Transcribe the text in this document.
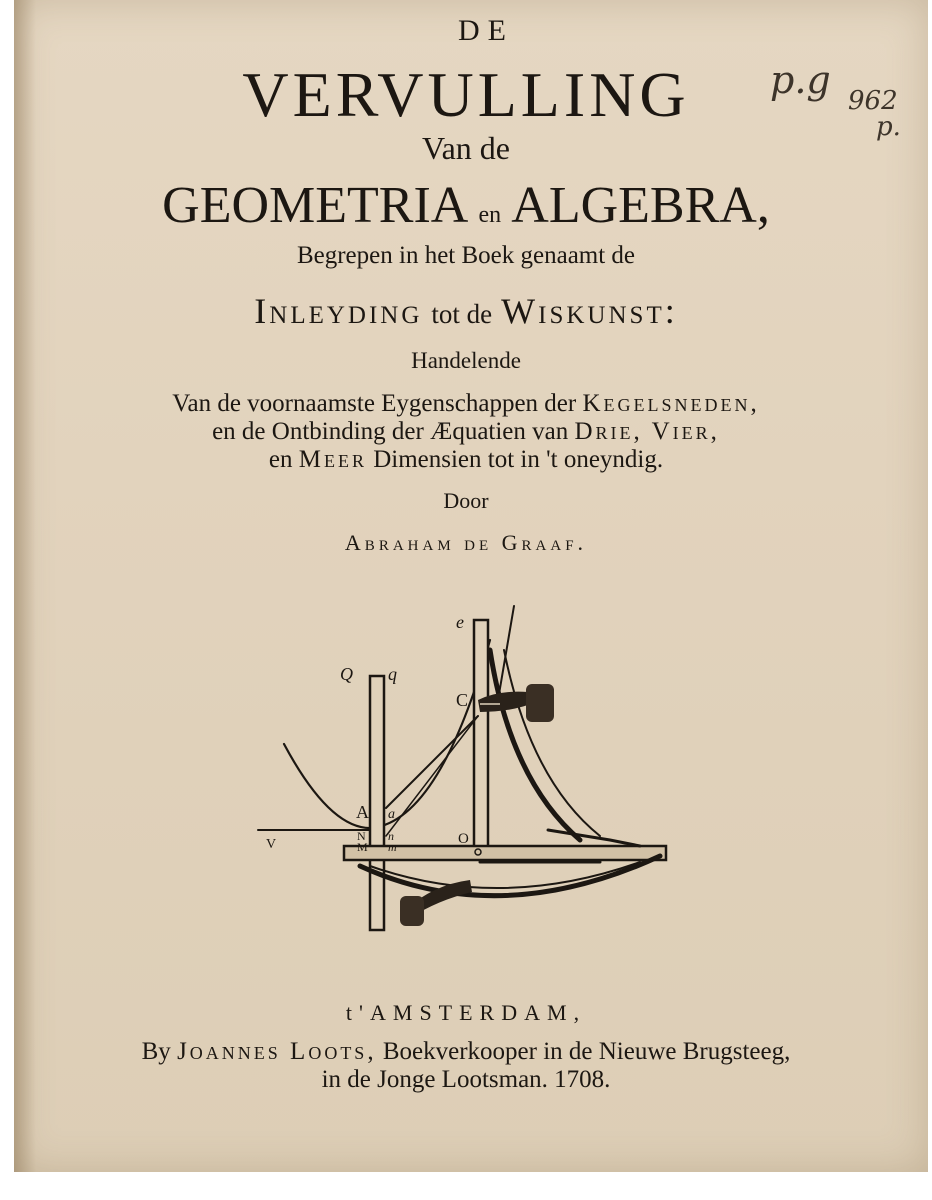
p.g 962
p.
DE
VERVULLING
Van de
GEOMETRIA en ALGEBRA,
Begrepen in het Boek genaamt de
Inleyding tot de Wiskunst:
Handelende
Van de voornaamste Eygenschappen der Kegelsneden,
en de Ontbinding der Æquatien van Drie, Vier,
en Meer Dimensien tot in 't oneyndig.
Door
Abraham de Graaf.
e
Q q
C
A a
V
N
M
n
m	O
t'AMSTERDAM,
By Joannes Loots, Boekverkooper in de Nieuwe Brugsteeg,
in de Jonge Lootsman. 1708.
